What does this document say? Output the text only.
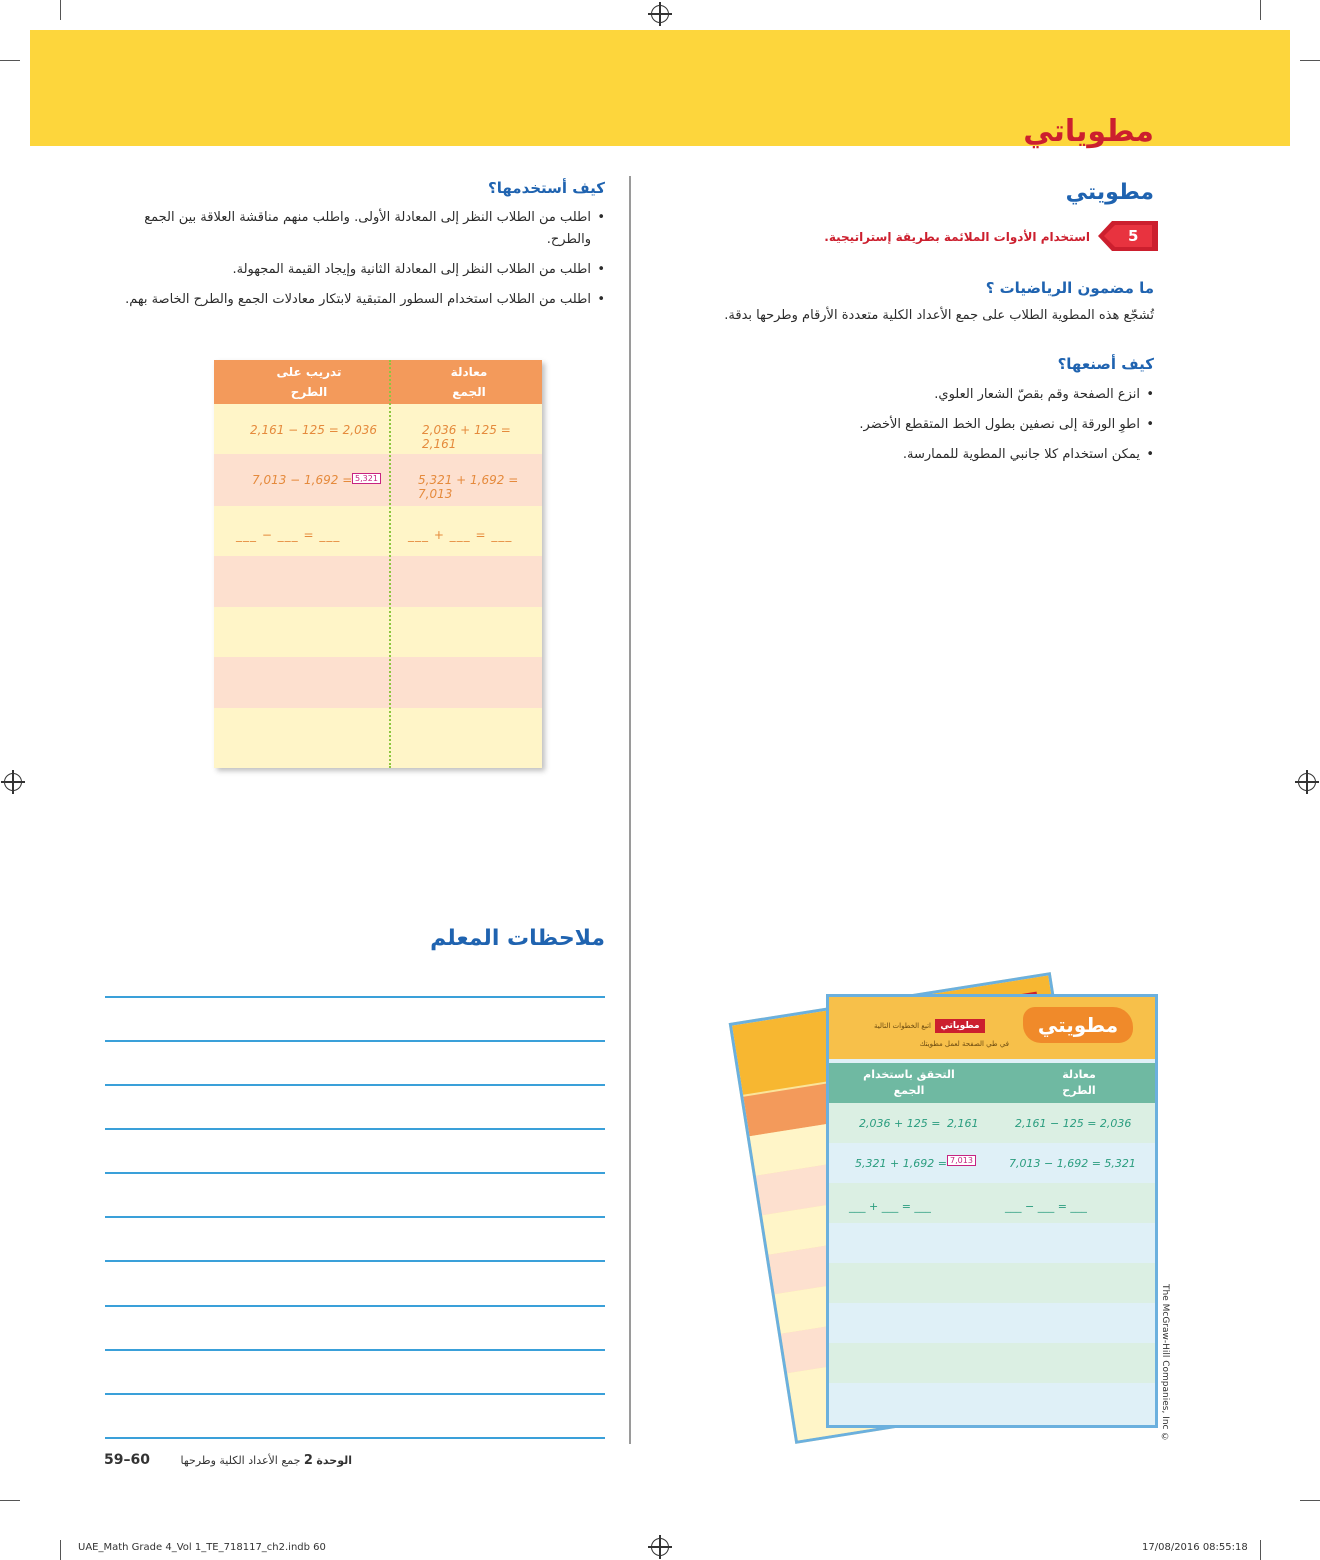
مطوياتي
مطويتي
5
استخدام الأدوات الملائمة بطريقة إستراتيجية.
ما مضمون الرياضيات ؟
تُشجّع هذه المطوية الطلاب على جمع الأعداد الكلية متعددة الأرقام وطرحها بدقة.
كيف أصنعها؟
• انزع الصفحة وقم بقصّ الشعار العلوي.
• اطوِ الورقة إلى نصفين بطول الخط المتقطع الأخضر.
• يمكن استخدام كلا جانبي المطوية للممارسة.
كيف أستخدمها؟
• اطلب من الطلاب النظر إلى المعادلة الأولى. واطلب منهم مناقشة العلاقة بين الجمع والطرح.
• اطلب من الطلاب النظر إلى المعادلة الثانية وإيجاد القيمة المجهولة.
• اطلب من الطلاب استخدام السطور المتبقية لابتكار معادلات الجمع والطرح الخاصة بهم.
معادلة
الجمع
تدريب على
الطرح
2,036 + 125 = 2,161
2,161 − 125 = 2,036
5,321 + 1,692 = 7,013
7,013 − 1,692 = 5,321
___ + ___ = ___
___ − ___ = ___
ملاحظات المعلم
59–60	الوحدة 2 جمع الأعداد الكلية وطرحها
UAE_Math Grade 4_Vol 1_TE_718117_ch2.indb 60	17/08/2016 08:55:18
مطويتي
مطوياتي
اتبع الخطوات التالية
في طي الصفحة لعمل مطويتك
معادلة
الطرح
التحقق باستخدام
الجمع
2,161 − 125 = 2,036
2,036 + 125 = 2,161
7,013 − 1,692 = 5,321
5,321 + 1,692 = 7,013
___ − ___ = ___
___ + ___ = ___
The McGraw-Hill Companies, Inc ©
